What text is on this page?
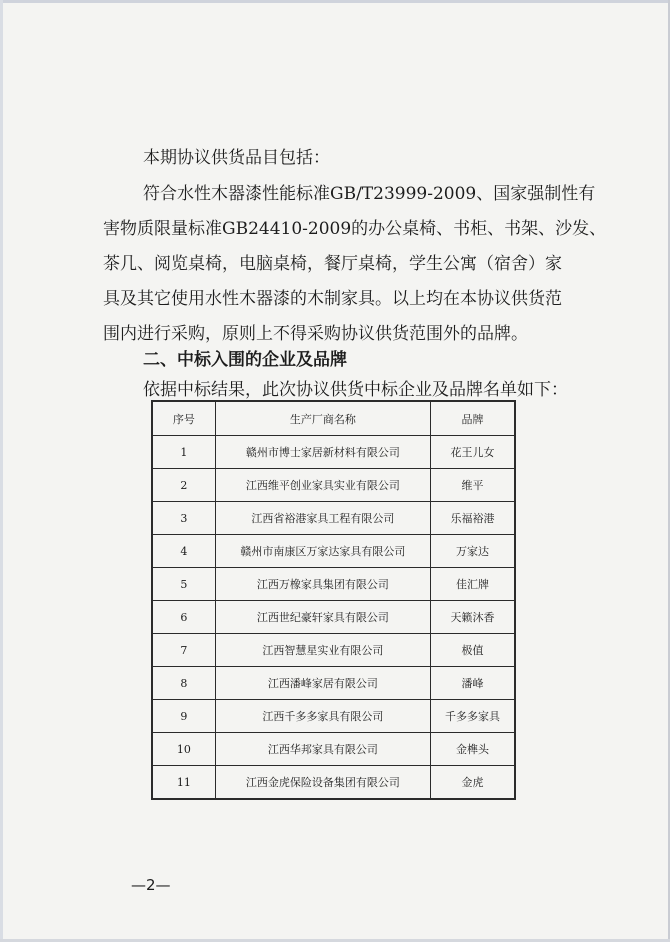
本期协议供货品目包括：
符合水性木器漆性能标准GB/T23999-2009、国家强制性有
害物质限量标准GB24410-2009的办公桌椅、书柜、书架、沙发、
茶几、阅览桌椅，电脑桌椅，餐厅桌椅，学生公寓（宿舍）家
具及其它使用水性木器漆的木制家具。以上均在本协议供货范
围内进行采购，原则上不得采购协议供货范围外的品牌。
二、中标入围的企业及品牌
依据中标结果，此次协议供货中标企业及品牌名单如下：
序号	生产厂商名称	品牌
1	赣州市博士家居新材料有限公司	花王儿女
2	江西维平创业家具实业有限公司	维平
3	江西省裕港家具工程有限公司	乐福裕港
4	赣州市南康区万家达家具有限公司	万家达
5	江西万橡家具集团有限公司	佳汇牌
6	江西世纪豪轩家具有限公司	天籁沐香
7	江西智慧星实业有限公司	极值
8	江西潘峰家居有限公司	潘峰
9	江西千多多家具有限公司	千多多家具
10	江西华邦家具有限公司	金榫头
11	江西金虎保险设备集团有限公司	金虎
—2—
